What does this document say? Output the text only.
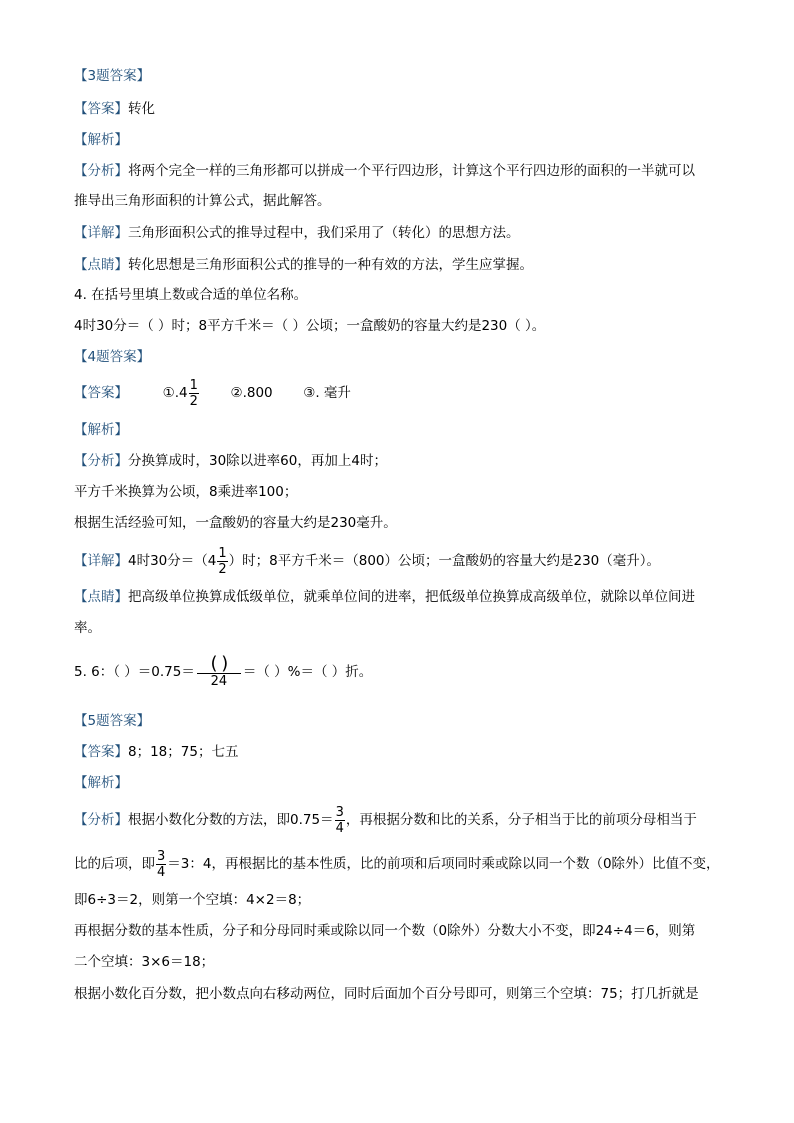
【3题答案】
【答案】转化
【解析】
【分析】将两个完全一样的三角形都可以拼成一个平行四边形，计算这个平行四边形的面积的一半就可以
推导出三角形面积的计算公式，据此解答。
【详解】三角形面积公式的推导过程中，我们采用了（转化）的思想方法。
【点睛】转化思想是三角形面积公式的推导的一种有效的方法，学生应掌握。
4. 在括号里填上数或合适的单位名称。
4时30分＝（ ）时；8平方千米＝（ ）公顷；一盒酸奶的容量大约是230（ ）。
【4题答案】
【答案】	①.4 $\frac{1}{2}$ ②.800 ③. 毫升
【解析】
【分析】分换算成时，30除以进率60，再加上4时；
平方千米换算为公顷，8乘进率100；
根据生活经验可知，一盒酸奶的容量大约是230毫升。
【详解】4时30分$=(4 \frac{1}{2}$ ）时；8平方千米＝（800）公顷；一盒酸奶的容量大约是230（毫升）。
【点睛】把高级单位换算成低级单位，就乘单位间的进率，把低级单位换算成高级单位，就除以单位间进
率。
5. 6：（ ）$=0.75= \frac{( )}{24}$ ＝（ ）%＝（ ）折。
【5题答案】
【答案】8；18；75；七五
【解析】
【分析】根据小数化分数的方法，即$0.75= \frac{3}{4}$ ，再根据分数和比的关系，分子相当于比的前项分母相当于
比的后项，即 $\frac{3}{4} =3$：4，再根据比的基本性质，比的前项和后项同时乘或除以同一个数（0除外）比值不变，
即6÷3＝2，则第一个空填：4×2＝8；
再根据分数的基本性质，分子和分母同时乘或除以同一个数（0除外）分数大小不变，即24÷4＝6，则第
二个空填：3×6＝18；
根据小数化百分数，把小数点向右移动两位，同时后面加个百分号即可，则第三个空填：75；打几折就是
